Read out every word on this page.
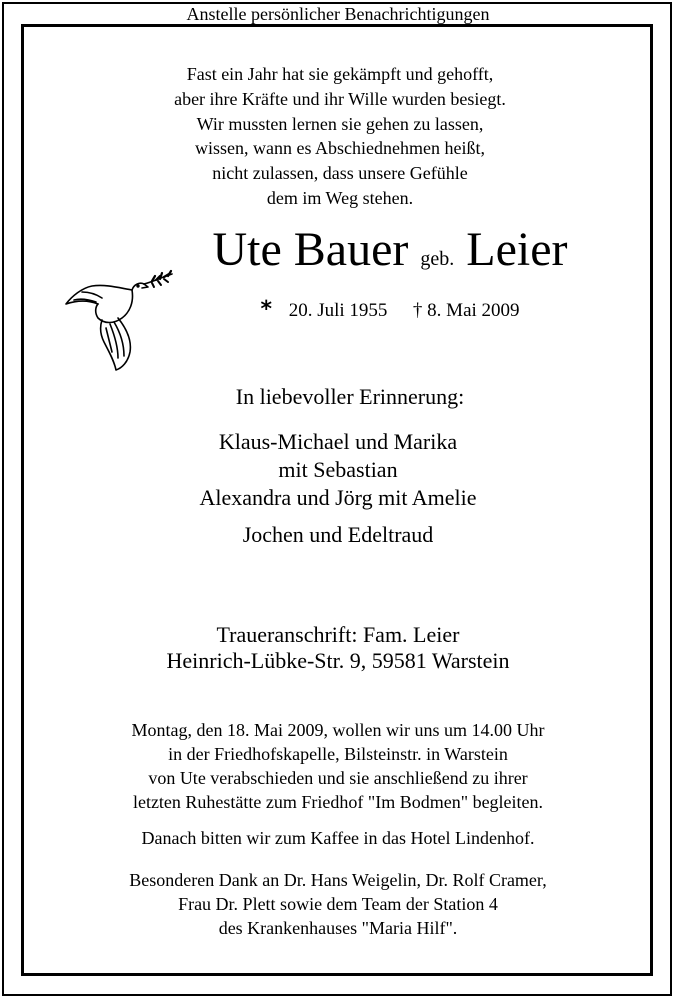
Anstelle persönlicher Benachrichtigungen
Fast ein Jahr hat sie gekämpft und gehofft,
aber ihre Kräfte und ihr Wille wurden besiegt.
Wir mussten lernen sie gehen zu lassen,
wissen, wann es Abschiednehmen heißt,
nicht zulassen, dass unsere Gefühle
dem im Weg stehen.
Ute Bauer geb. Leier
* 20. Juli 1955 † 8. Mai 2009
In liebevoller Erinnerung:
Klaus-Michael und Marika
mit Sebastian
Alexandra und Jörg mit Amelie
Jochen und Edeltraud
Traueranschrift: Fam. Leier
Heinrich-Lübke-Str. 9, 59581 Warstein
Montag, den 18. Mai 2009, wollen wir uns um 14.00 Uhr
in der Friedhofskapelle, Bilsteinstr. in Warstein
von Ute verabschieden und sie anschließend zu ihrer
letzten Ruhestätte zum Friedhof "Im Bodmen" begleiten.
Danach bitten wir zum Kaffee in das Hotel Lindenhof.
Besonderen Dank an Dr. Hans Weigelin, Dr. Rolf Cramer,
Frau Dr. Plett sowie dem Team der Station 4
des Krankenhauses "Maria Hilf".
